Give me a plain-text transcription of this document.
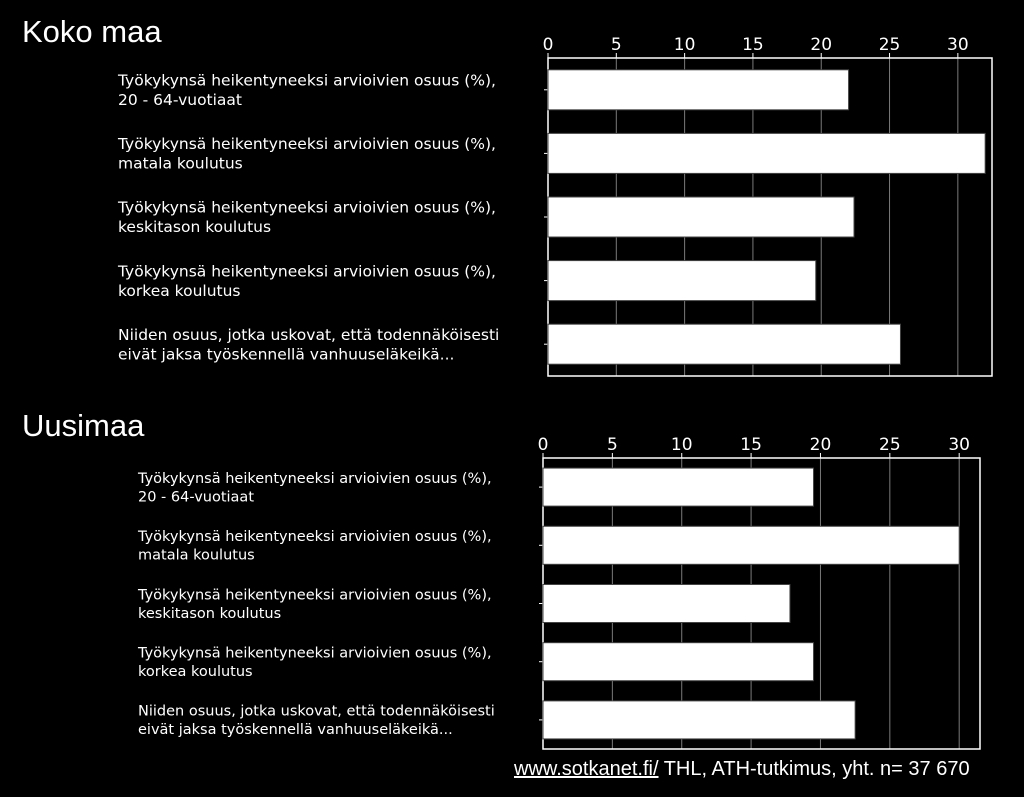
Koko maa
Uusimaa
0	5	10	15	20	25	30
Työkykynsä heikentyneeksi arvioivien osuus (%),
20 - 64-vuotiaat
Työkykynsä heikentyneeksi arvioivien osuus (%),
matala koulutus
Työkykynsä heikentyneeksi arvioivien osuus (%),
keskitason koulutus
Työkykynsä heikentyneeksi arvioivien osuus (%),
korkea koulutus
Niiden osuus, jotka uskovat, että todennäköisesti
eivät jaksa työskennellä vanhuuseläkeikä...
0	5	10	15	20	25	30
Työkykynsä heikentyneeksi arvioivien osuus (%),
20 - 64-vuotiaat
Työkykynsä heikentyneeksi arvioivien osuus (%),
matala koulutus
Työkykynsä heikentyneeksi arvioivien osuus (%),
keskitason koulutus
Työkykynsä heikentyneeksi arvioivien osuus (%),
korkea koulutus
Niiden osuus, jotka uskovat, että todennäköisesti
eivät jaksa työskennellä vanhuuseläkeikä...
www.sotkanet.fi/ THL, ATH-tutkimus, yht. n= 37 670
